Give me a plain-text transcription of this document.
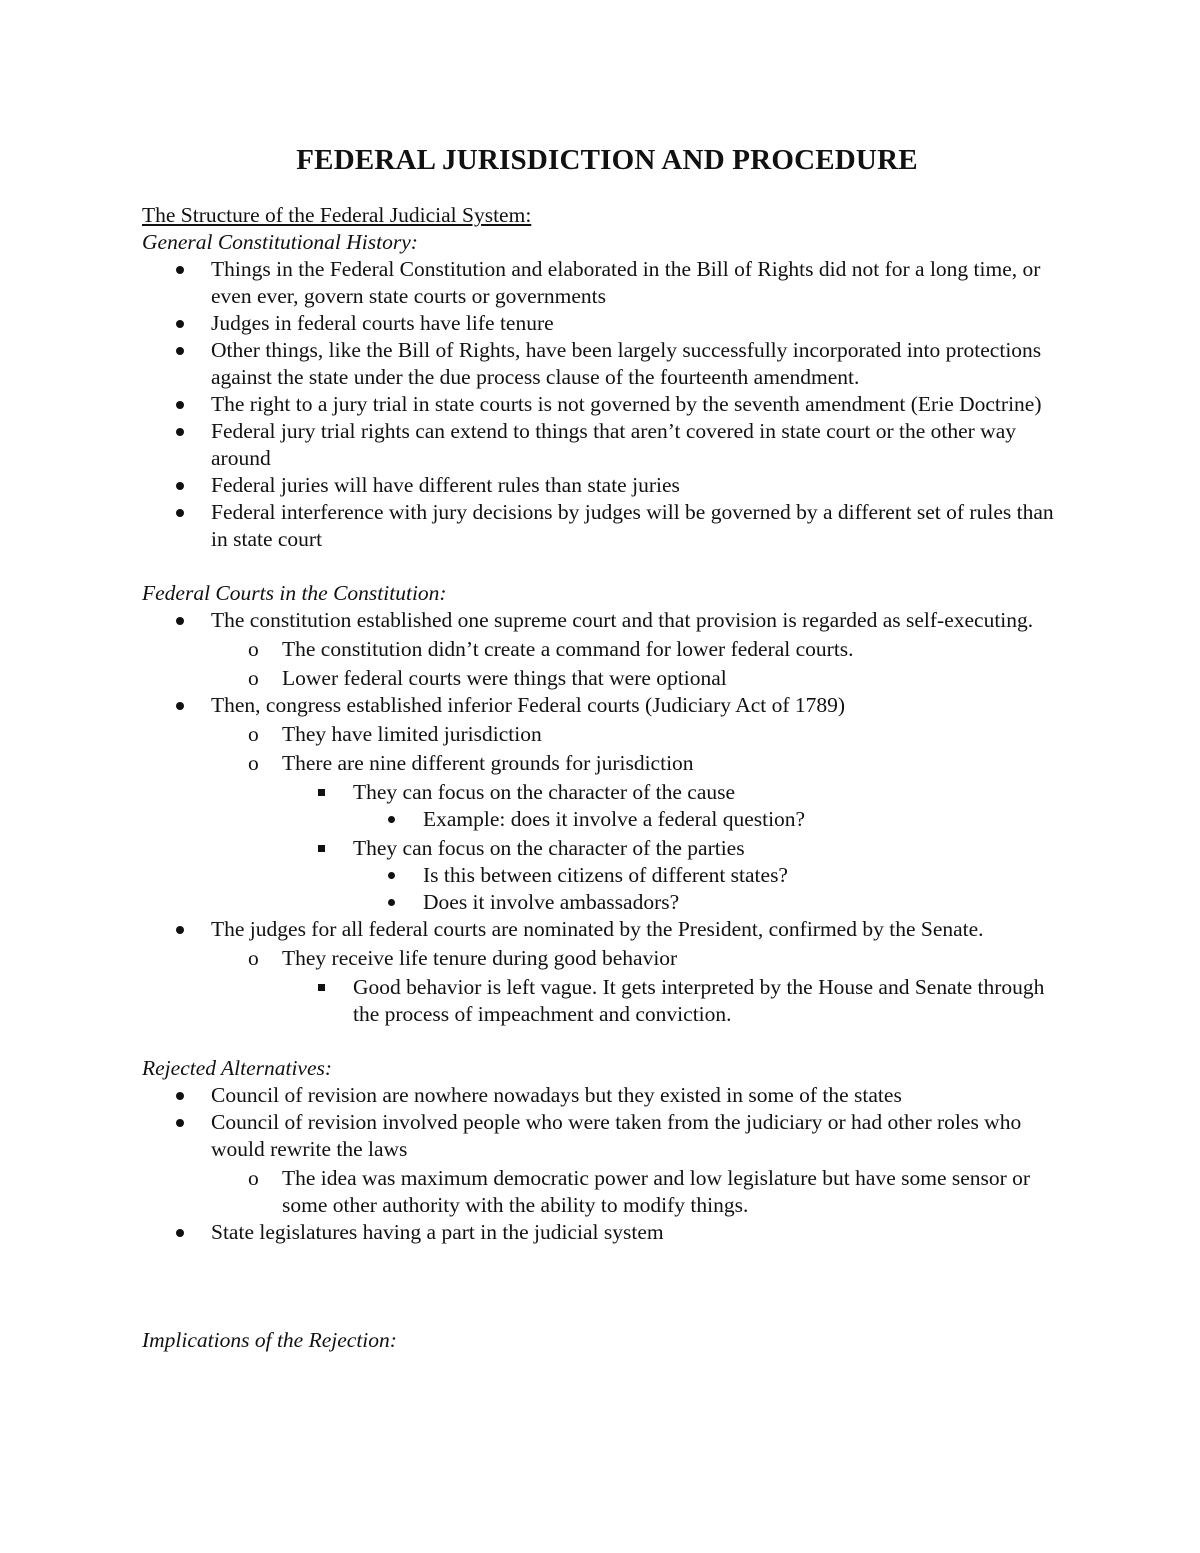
FEDERAL JURISDICTION AND PROCEDURE
The Structure of the Federal Judicial System:
General Constitutional History:
Things in the Federal Constitution and elaborated in the Bill of Rights did not for a long time, or even ever, govern state courts or governments
Judges in federal courts have life tenure
Other things, like the Bill of Rights, have been largely successfully incorporated into protections against the state under the due process clause of the fourteenth amendment.
The right to a jury trial in state courts is not governed by the seventh amendment (Erie Doctrine)
Federal jury trial rights can extend to things that aren’t covered in state court or the other way around
Federal juries will have different rules than state juries
Federal interference with jury decisions by judges will be governed by a different set of rules than in state court
Federal Courts in the Constitution:
The constitution established one supreme court and that provision is regarded as self-executing.
o The constitution didn’t create a command for lower federal courts.
o Lower federal courts were things that were optional
Then, congress established inferior Federal courts (Judiciary Act of 1789)
o They have limited jurisdiction
o There are nine different grounds for jurisdiction
They can focus on the character of the cause
Example: does it involve a federal question?
They can focus on the character of the parties
Is this between citizens of different states?
Does it involve ambassadors?
The judges for all federal courts are nominated by the President, confirmed by the Senate.
o They receive life tenure during good behavior
Good behavior is left vague. It gets interpreted by the House and Senate through the process of impeachment and conviction.
Rejected Alternatives:
Council of revision are nowhere nowadays but they existed in some of the states
Council of revision involved people who were taken from the judiciary or had other roles who would rewrite the laws
o The idea was maximum democratic power and low legislature but have some sensor or some other authority with the ability to modify things.
State legislatures having a part in the judicial system
Implications of the Rejection:
